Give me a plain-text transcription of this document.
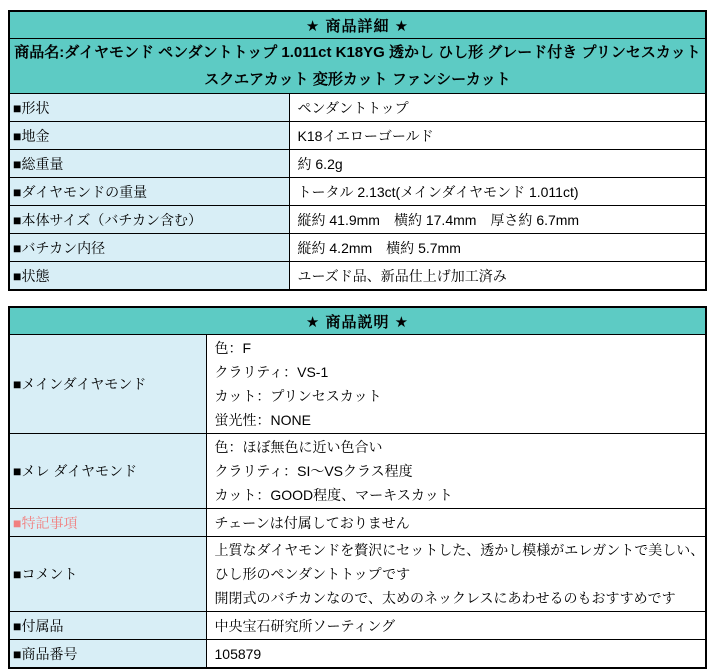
★ 商品詳細 ★	
商品名:ダイヤモンド ペンダントトップ 1.011ct K18YG 透かし ひし形 グレード付き プリンセスカット スクエアカット 変形カット ファンシーカット	
■形状	ペンダントトップ
■地金	K18イエローゴールド
■総重量	約 6.2g
■ダイヤモンドの重量	トータル 2.13ct(メインダイヤモンド 1.011ct)
■本体サイズ（バチカン含む）	縦約 41.9mm　横約 17.4mm　厚さ約 6.7mm
■バチカン内径	縦約 4.2mm　横約 5.7mm
■状態	ユーズド品、新品仕上げ加工済み
★ 商品説明 ★	
■メインダイヤモンド	色：F
クラリティ：VS-1
カット：プリンセスカット
蛍光性：NONE

■メレ ダイヤモンド	色：ほぼ無色に近い色合い
クラリティ：SI～VSクラス程度
カット：GOOD程度、マーキスカット

■特記事項	チェーンは付属しておりません
■コメント	上質なダイヤモンドを贅沢にセットした、透かし模様がエレガントで美しい、
ひし形のペンダントトップです
開閉式のバチカンなので、太めのネックレスにあわせるのもおすすめです

■付属品	中央宝石研究所ソーティング
■商品番号	105879
